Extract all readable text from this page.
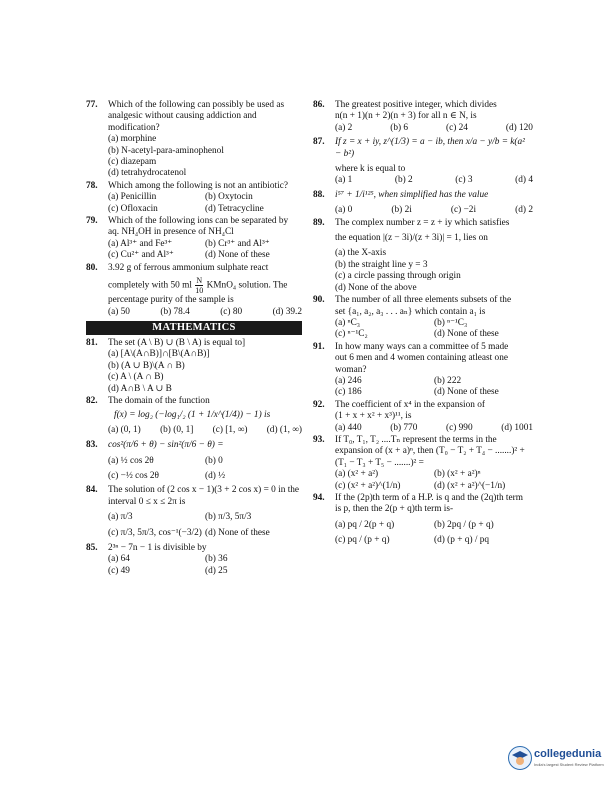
77. Which of the following can possibly be used as
analgesic without causing addiction and
modification?
(a) morphine
(b) N-acetyl-para-aminophenol
(c) diazepam
(d) tetrahydrocatenol
78. Which among the following is not an antibiotic?
(a) Penicillin	(b) Oxytocin
(c) Ofloxacin	(d) Tetracycline
79. Which of the following ions can be separated by
aq. NH₄OH in presence of NH₄Cl
(a) Al³⁺ and Fe³⁺	(b) Cr³⁺ and Al³⁺
(c) Cu²⁺ and Al³⁺	(d) None of these
80. 3.92 g of ferrous ammonium sulphate react
completely with 50 ml $\frac{N}{10}$ KMnO₄ solution. The
percentage purity of the sample is
(a) 50	(b) 78.4	(c) 80	(d) 39.2
MATHEMATICS
81. The set (A \ B) ∪ (B \ A) is equal to]
(a) [A\(A∩B)]∩[B\(A∩B)]
(b) (A ∪ B)\(A ∩ B)
(c) A \ (A ∩ B)
(d) A∩B \ A ∪ B
82. The domain of the function
f(x) = log₂ (−log₁/₂ (1 + 1/x^(1/4)) − 1) is
(a) (0, 1) (b) (0, 1] (c) [1, ∞) (d) (1, ∞)
83. cos²(π/6 + θ) − sin²(π/6 − θ) =
(a) ½ cos 2θ	(b) 0
(c) −½ cos 2θ	(d) ½
84. The solution of (2 cos x − 1)(3 + 2 cos x) = 0 in the
interval 0 ≤ x ≤ 2π is
(a) π/3	(b) π/3, 5π/3
(c) π/3, 5π/3, cos⁻¹(−3/2) (d) None of these
85. 2³ⁿ − 7n − 1 is divisible by
(a) 64	(b) 36
(c) 49	(d) 25
86. The greatest positive integer, which divides
n(n + 1)(n + 2)(n + 3) for all n ∈ N, is
(a) 2	(b) 6	(c) 24	(d) 120
87. If z = x + iy, z^(1/3) = a − ib, then x/a − y/b = k(a² − b²)
where k is equal to
(a) 1	(b) 2	(c) 3	(d) 4
88. i⁵⁷ + 1/i¹²⁵, when simplified has the value
(a) 0	(b) 2i	(c) −2i	(d) 2
89. The complex number z = z + iy which satisfies
the equation |(z − 3i)/(z + 3i)| = 1, lies on
(a) the X-axis
(b) the straight line y = 3
(c) a circle passing through origin
(d) None of the above
90. The number of all three elements subsets of the
set {a₁, a₂, a₃ . . . aₙ} which contain a₁ is
(a) ⁿC₃	(b) ⁿ⁻¹C₃
(c) ⁿ⁻¹C₂	(d) None of these
91. In how many ways can a committee of 5 made
out 6 men and 4 women containing atleast one
woman?
(a) 246	(b) 222
(c) 186	(d) None of these
92. The coefficient of x⁴ in the expansion of
(1 + x + x² + x³)¹¹, is
(a) 440	(b) 770	(c) 990	(d) 1001
93. If T₀, T₁, T₂ ....Tₙ represent the terms in the
expansion of (x + a)ⁿ, then (T₀ − T₂ + T₄ − .......)² +
(T₁ − T₃ + T₅ − .......)² =
(a) (x² + a²)	(b) (x² + a²)ⁿ
(c) (x² + a²)^(1/n)	(d) (x² + a²)^(−1/n)
94. If the (2p)th term of a H.P. is q and the (2q)th term
is p, then the 2(p + q)th term is-
(a) pq / 2(p + q)	(b) 2pq / (p + q)
(c) pq / (p + q)	(d) (p + q) / pq
collegedunia
India's largest Student Review Platform
